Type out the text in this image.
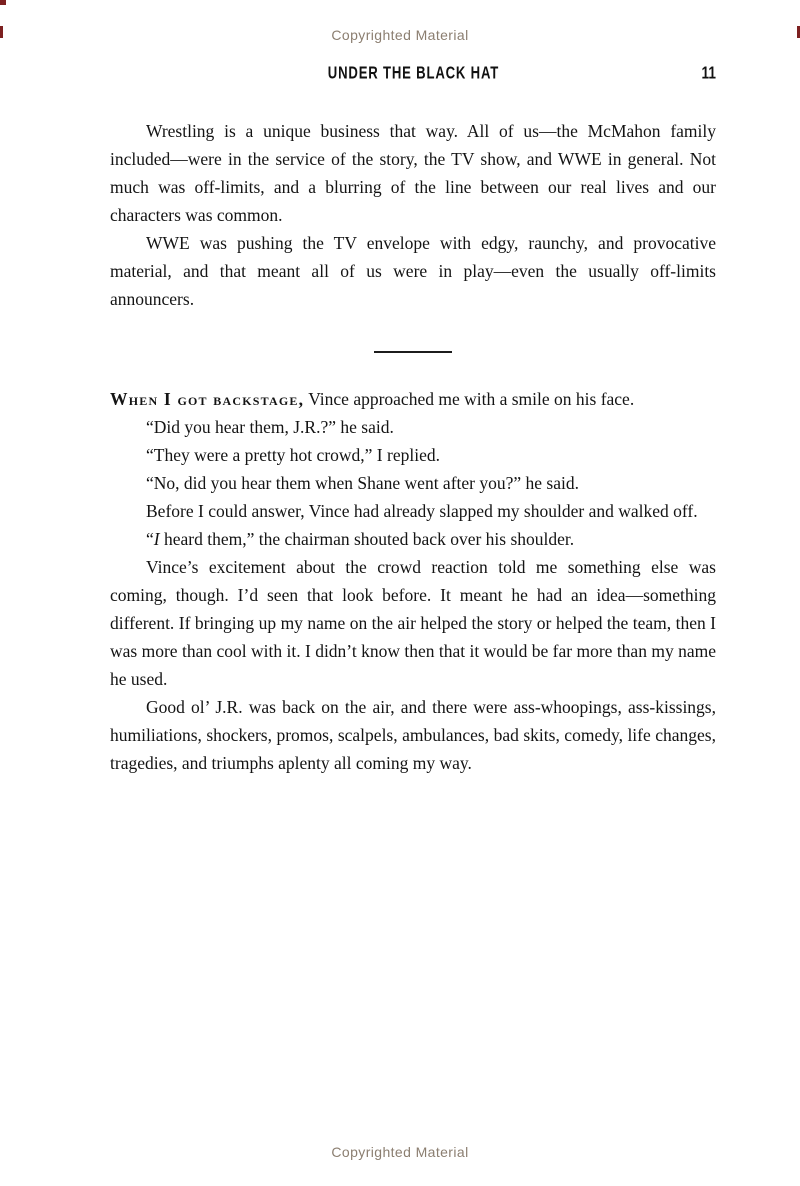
Copyrighted Material
UNDER THE BLACK HAT	11

Wrestling is a unique business that way. All of us—the McMahon family included—were in the service of the story, the TV show, and WWE in general. Not much was off-limits, and a blurring of the line between our real lives and our characters was common.

WWE was pushing the TV envelope with edgy, raunchy, and provocative material, and that meant all of us were in play—even the usually off-limits announcers.

When I got backstage, Vince approached me with a smile on his face.

“Did you hear them, J.R.?” he said.

“They were a pretty hot crowd,” I replied.

“No, did you hear them when Shane went after you?” he said.

Before I could answer, Vince had already slapped my shoulder and walked off.

“I heard them,” the chairman shouted back over his shoulder.

Vince’s excitement about the crowd reaction told me something else was coming, though. I’d seen that look before. It meant he had an idea—something different. If bringing up my name on the air helped the story or helped the team, then I was more than cool with it. I didn’t know then that it would be far more than my name he used.

Good ol’ J.R. was back on the air, and there were ass-whoopings, ass-kissings, humiliations, shockers, promos, scalpels, ambulances, bad skits, comedy, life changes, tragedies, and triumphs aplenty all coming my way.

Copyrighted Material
